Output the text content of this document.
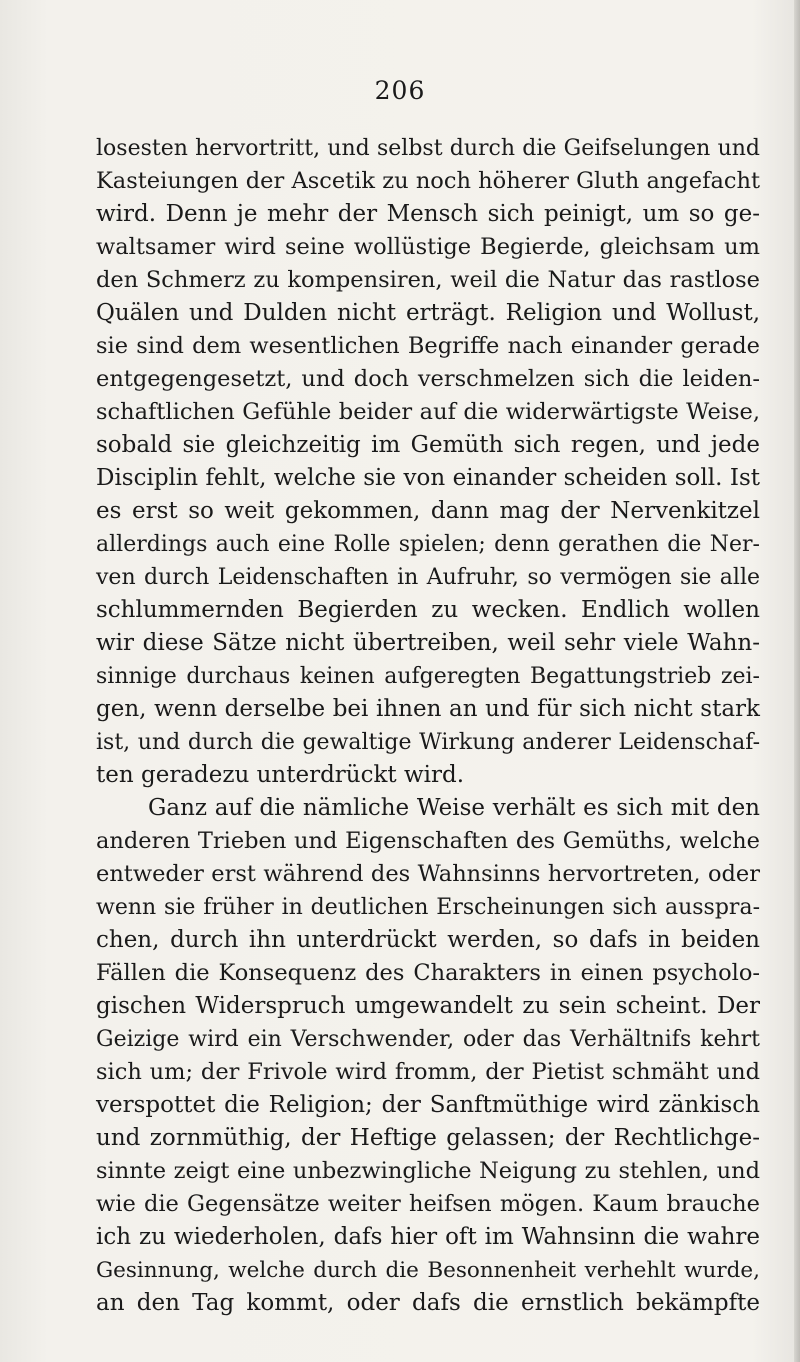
206
losesten hervortritt, und selbst durch die Geifselungen und
Kasteiungen der Ascetik zu noch höherer Gluth angefacht
wird. Denn je mehr der Mensch sich peinigt, um so ge-
waltsamer wird seine wollüstige Begierde, gleichsam um
den Schmerz zu kompensiren, weil die Natur das rastlose
Quälen und Dulden nicht erträgt. Religion und Wollust,
sie sind dem wesentlichen Begriffe nach einander gerade
entgegengesetzt, und doch verschmelzen sich die leiden-
schaftlichen Gefühle beider auf die widerwärtigste Weise,
sobald sie gleichzeitig im Gemüth sich regen, und jede
Disciplin fehlt, welche sie von einander scheiden soll. Ist
es erst so weit gekommen, dann mag der Nervenkitzel
allerdings auch eine Rolle spielen; denn gerathen die Ner-
ven durch Leidenschaften in Aufruhr, so vermögen sie alle
schlummernden Begierden zu wecken. Endlich wollen
wir diese Sätze nicht übertreiben, weil sehr viele Wahn-
sinnige durchaus keinen aufgeregten Begattungstrieb zei-
gen, wenn derselbe bei ihnen an und für sich nicht stark
ist, und durch die gewaltige Wirkung anderer Leidenschaf-
ten geradezu unterdrückt wird.
Ganz auf die nämliche Weise verhält es sich mit den
anderen Trieben und Eigenschaften des Gemüths, welche
entweder erst während des Wahnsinns hervortreten, oder
wenn sie früher in deutlichen Erscheinungen sich ausspra-
chen, durch ihn unterdrückt werden, so dafs in beiden
Fällen die Konsequenz des Charakters in einen psycholo-
gischen Widerspruch umgewandelt zu sein scheint. Der
Geizige wird ein Verschwender, oder das Verhältnifs kehrt
sich um; der Frivole wird fromm, der Pietist schmäht und
verspottet die Religion; der Sanftmüthige wird zänkisch
und zornmüthig, der Heftige gelassen; der Rechtlichge-
sinnte zeigt eine unbezwingliche Neigung zu stehlen, und
wie die Gegensätze weiter heifsen mögen. Kaum brauche
ich zu wiederholen, dafs hier oft im Wahnsinn die wahre
Gesinnung, welche durch die Besonnenheit verhehlt wurde,
an den Tag kommt, oder dafs die ernstlich bekämpfte
